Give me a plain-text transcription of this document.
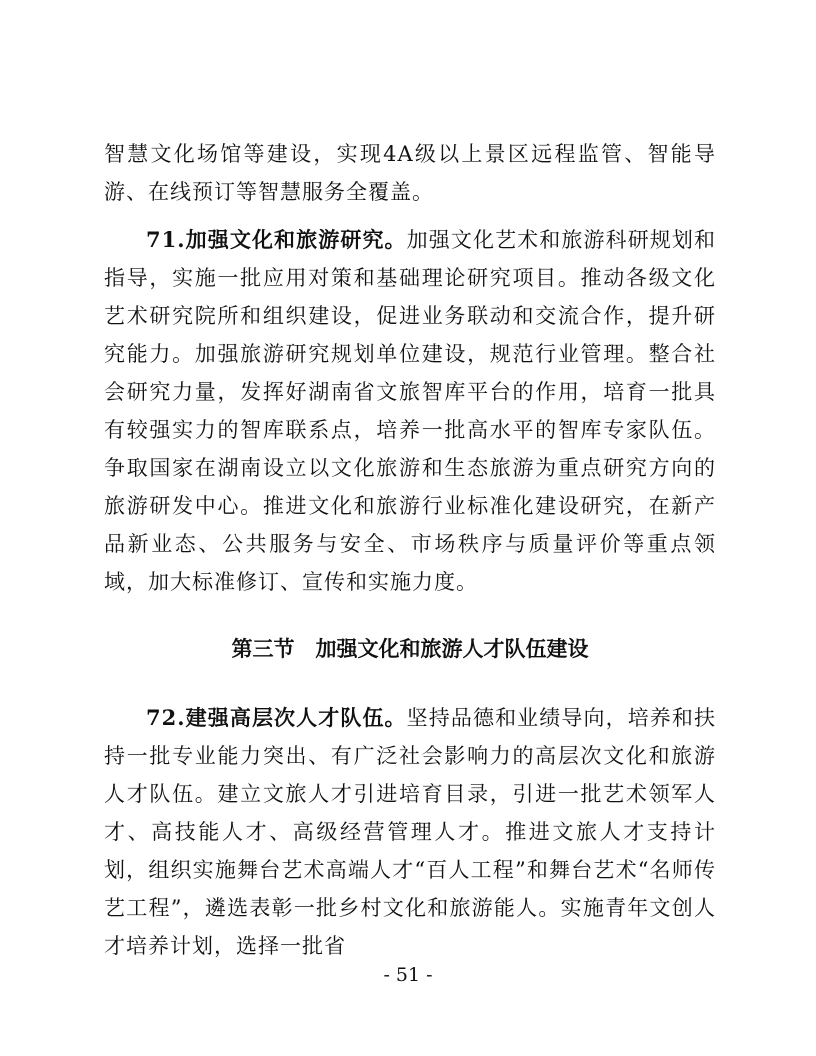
智慧文化场馆等建设，实现4A级以上景区远程监管、智能导游、在线预订等智慧服务全覆盖。

71.加强文化和旅游研究。加强文化艺术和旅游科研规划和指导，实施一批应用对策和基础理论研究项目。推动各级文化艺术研究院所和组织建设，促进业务联动和交流合作，提升研究能力。加强旅游研究规划单位建设，规范行业管理。整合社会研究力量，发挥好湖南省文旅智库平台的作用，培育一批具有较强实力的智库联系点，培养一批高水平的智库专家队伍。争取国家在湖南设立以文化旅游和生态旅游为重点研究方向的旅游研发中心。推进文化和旅游行业标准化建设研究，在新产品新业态、公共服务与安全、市场秩序与质量评价等重点领域，加大标准修订、宣传和实施力度。

第三节　加强文化和旅游人才队伍建设

72.建强高层次人才队伍。坚持品德和业绩导向，培养和扶持一批专业能力突出、有广泛社会影响力的高层次文化和旅游人才队伍。建立文旅人才引进培育目录，引进一批艺术领军人才、高技能人才、高级经营管理人才。推进文旅人才支持计划，组织实施舞台艺术高端人才“百人工程”和舞台艺术“名师传艺工程”，遴选表彰一批乡村文化和旅游能人。实施青年文创人才培养计划，选择一批省

- 51 -
